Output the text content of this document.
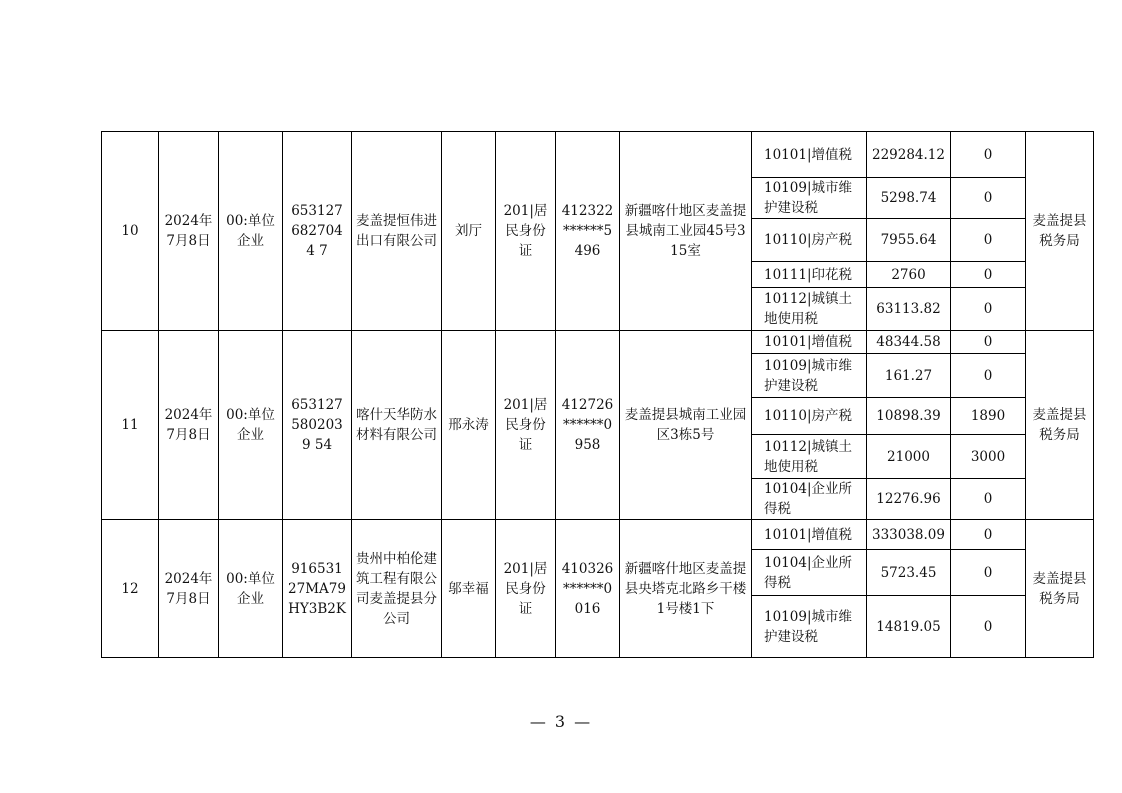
10	2024年7月8日	00:单位企业	6531276827044 7	麦盖提恒伟进出口有限公司	刘厅	201|居民身份证	412322******5496	新疆喀什地区麦盖提县城南工业园45号315室	10101|增值税	229284.12	0	麦盖提县税务局
									10109|城市维护建设税	5298.74	0	
									10110|房产税	7955.64	0	
									10111|印花税	2760	0	
									10112|城镇土地使用税	63113.82	0	
11	2024年7月8日	00:单位企业	6531275802039 54	喀什天华防水材料有限公司	邢永涛	201|居民身份证	412726******0958	麦盖提县城南工业园区3栋5号	10101|增值税	48344.58	0	麦盖提县税务局
									10109|城市维护建设税	161.27	0	
									10110|房产税	10898.39	1890	
									10112|城镇土地使用税	21000	3000	
									10104|企业所得税	12276.96	0	
12	2024年7月8日	00:单位企业	91653127MA79HY3B2K	贵州中柏伦建筑工程有限公司麦盖提县分公司	邬幸福	201|居民身份证	410326******0016	新疆喀什地区麦盖提县央塔克北路乡干楼1号楼1下	10101|增值税	333038.09	0	麦盖提县税务局
									10104|企业所得税	5723.45	0	
									10109|城市维护建设税	14819.05	0	
— 3 —
